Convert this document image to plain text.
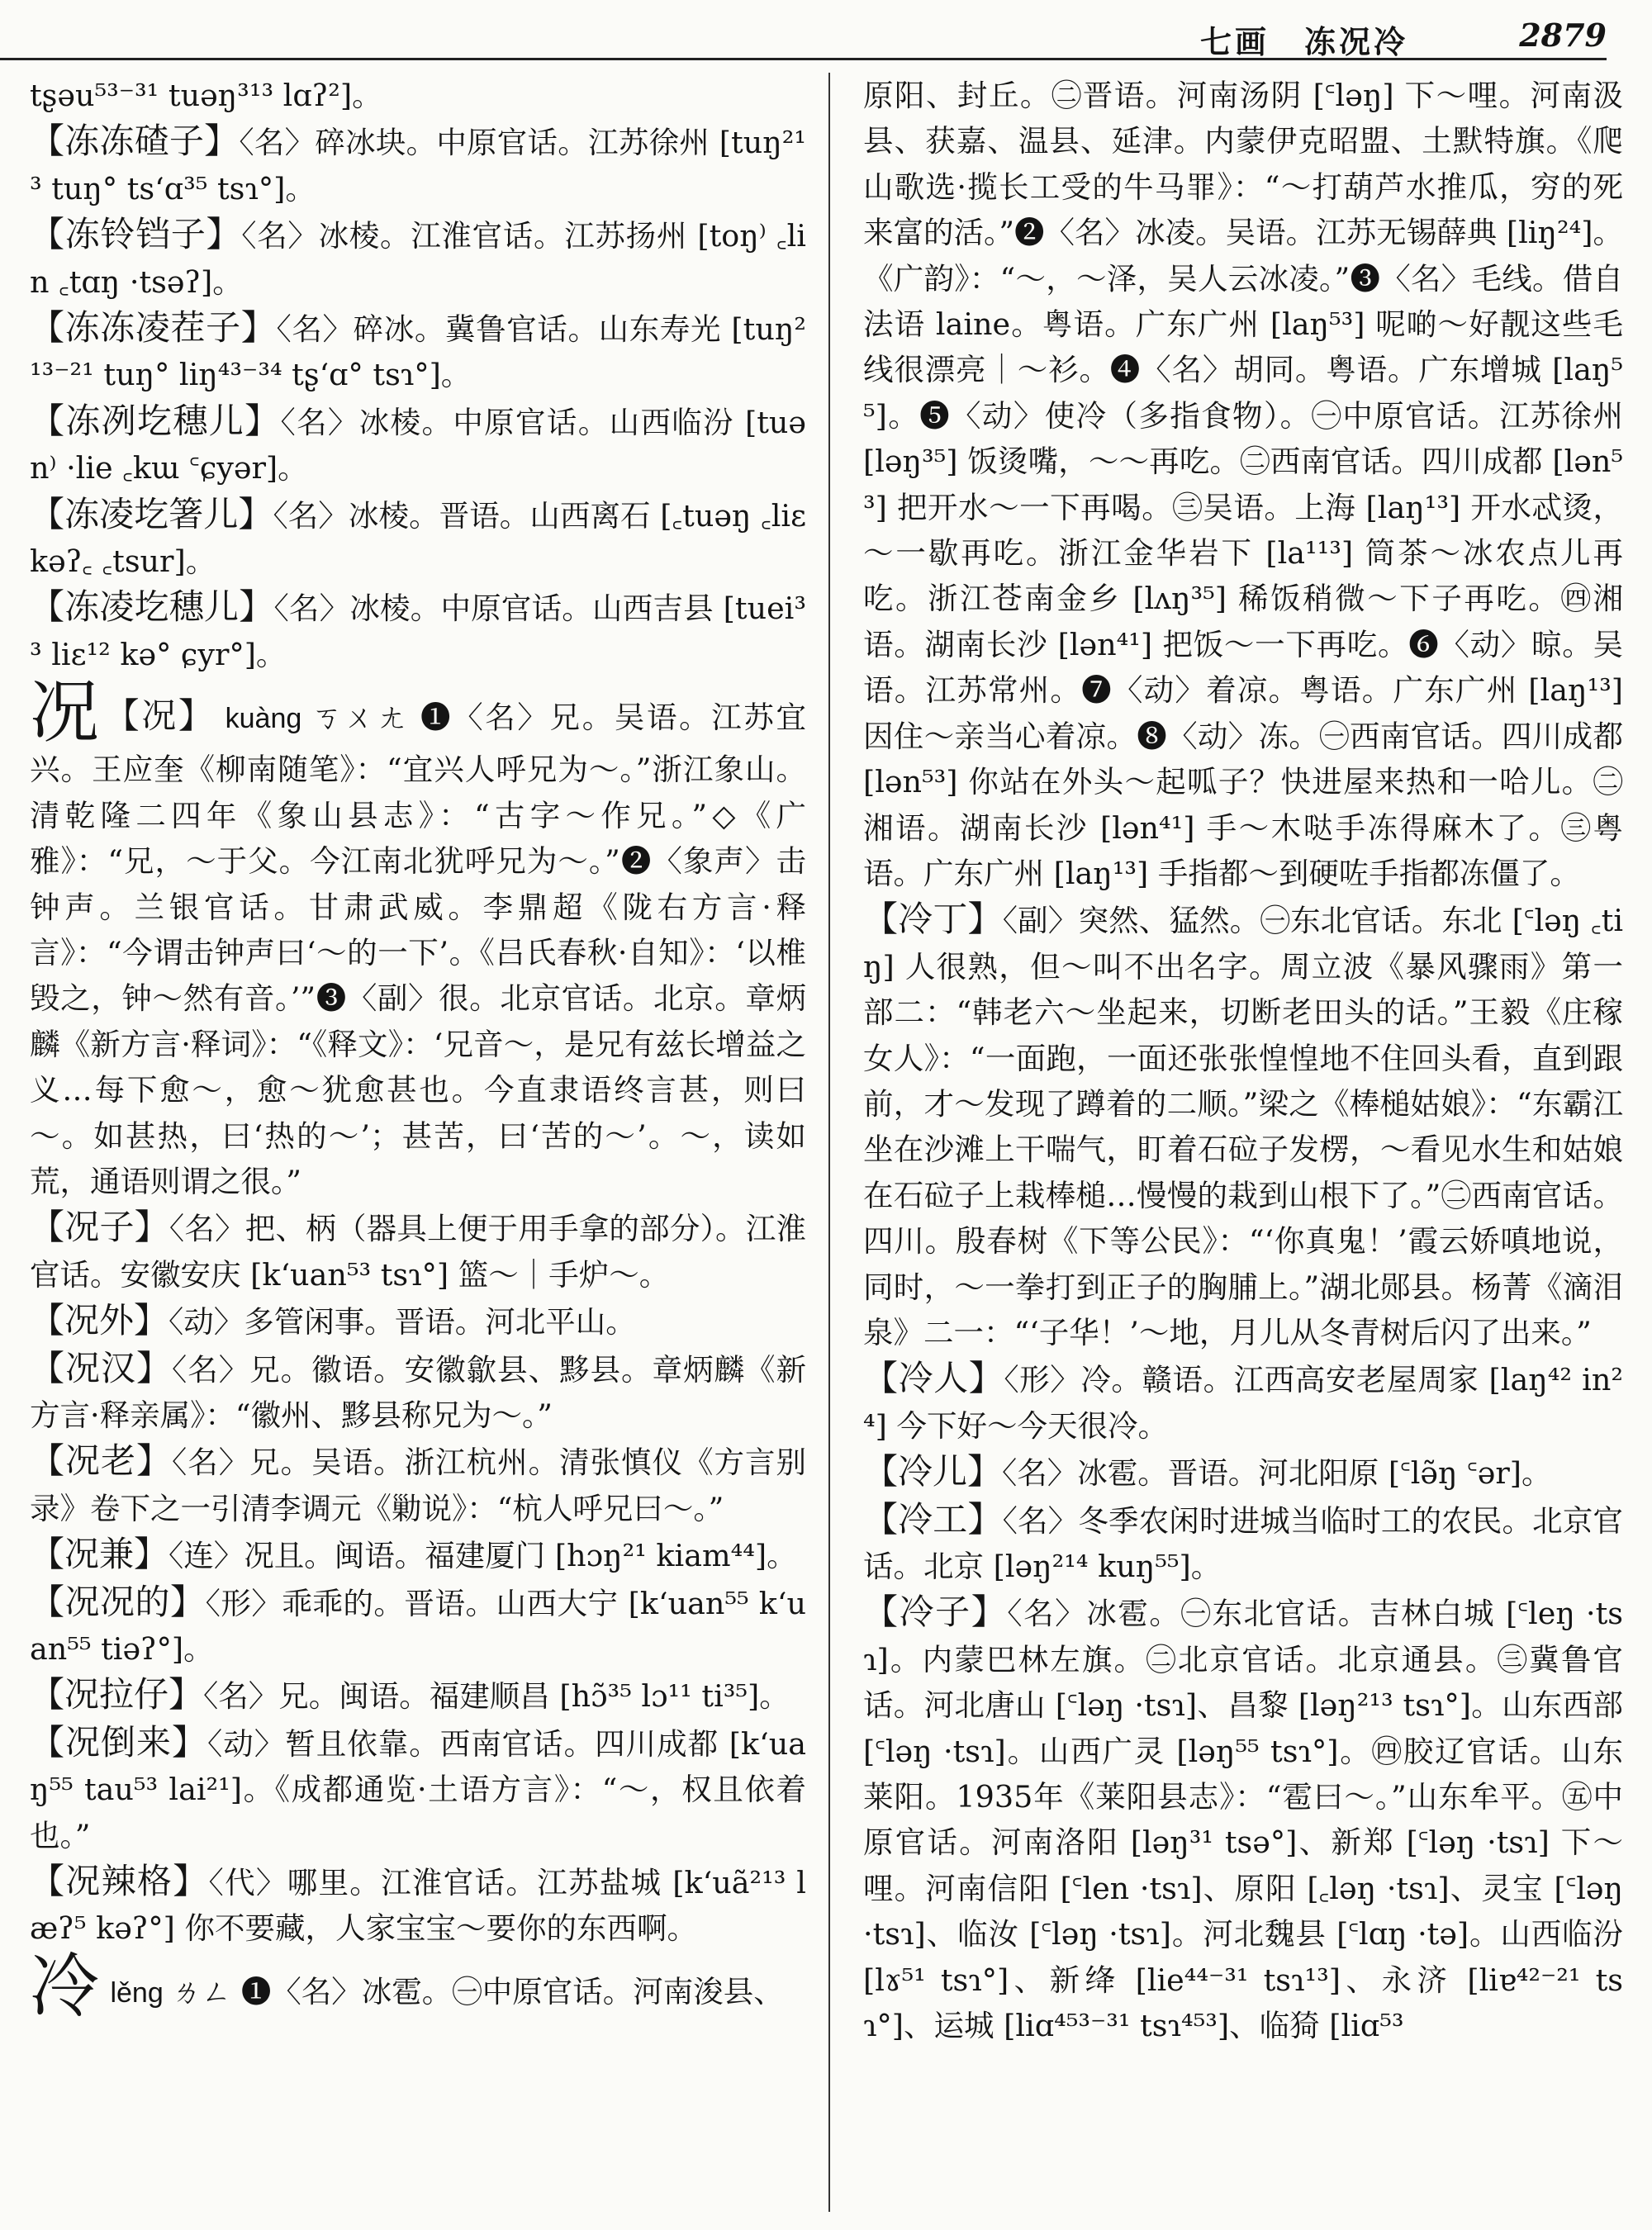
七画　冻况冷	2879

tʂəu⁵³⁻³¹ tuəŋ³¹³ lɑʔ²]。

【冻冻碴子】〈名〉碎冰块。中原官话。江苏徐州 [tuŋ²¹³ tuŋ° tsʻɑ³⁵ tsɿ°]。

【冻铃铛子】〈名〉冰棱。江淮官话。江苏扬州 [toŋ⁾ ꜀lin ꜀tɑŋ ·tsəʔ]。

【冻冻凌茬子】〈名〉碎冰。冀鲁官话。山东寿光 [tuŋ²¹³⁻²¹ tuŋ° liŋ⁴³⁻³⁴ tʂʻɑ° tsɿ°]。

【冻冽圪穗儿】〈名〉冰棱。中原官话。山西临汾 [tuən⁾ ·lie ꜀kɯ ꜂ɕyər]。

【冻凌圪箸儿】〈名〉冰棱。晋语。山西离石 [꜀tuəŋ ꜀liɛ kəʔ꜀ ꜀tsur]。

【冻凌圪穗儿】〈名〉冰棱。中原官话。山西吉县 [tuei³³ liɛ¹² kə° ɕyr°]。

况【况】 kuàng ㄎㄨㄤ ❶〈名〉兄。吴语。江苏宜兴。王应奎《柳南随笔》：“宜兴人呼兄为～。”浙江象山。清乾隆二四年《象山县志》：“古字～作兄。”◇《广雅》：“兄，～于父。今江南北犹呼兄为～。”❷〈象声〉击钟声。兰银官话。甘肃武威。李鼎超《陇右方言·释言》：“今谓击钟声曰‘～的一下’。《吕氏春秋·自知》：‘以椎毁之，钟～然有音。’”❸〈副〉很。北京官话。北京。章炳麟《新方言·释词》：“《释文》：‘兄音～，是兄有兹长增益之义…每下愈～，愈～犹愈甚也。今直隶语终言甚，则曰～。如甚热，曰‘热的～’；甚苦，曰‘苦的～’。～，读如荒，通语则谓之很。”

【况子】〈名〉把、柄（器具上便于用手拿的部分）。江淮官话。安徽安庆 [kʻuan⁵³ tsɿ°] 篮～｜手炉～。

【况外】〈动〉多管闲事。晋语。河北平山。

【况汉】〈名〉兄。徽语。安徽歙县、黟县。章炳麟《新方言·释亲属》：“徽州、黟县称兄为～。”

【况老】〈名〉兄。吴语。浙江杭州。清张慎仪《方言别录》卷下之一引清李调元《勦说》：“杭人呼兄曰～。”

【况兼】〈连〉况且。闽语。福建厦门 [hɔŋ²¹ kiam⁴⁴]。

【况况的】〈形〉乖乖的。晋语。山西大宁 [kʻuan⁵⁵ kʻuan⁵⁵ tiəʔ°]。

【况拉仔】〈名〉兄。闽语。福建顺昌 [hɔ̃³⁵ lɔ¹¹ ti³⁵]。

【况倒来】〈动〉暂且依靠。西南官话。四川成都 [kʻuaŋ⁵⁵ tau⁵³ lai²¹]。《成都通览·土语方言》：“～，权且依着也。”

【况辣格】〈代〉哪里。江淮官话。江苏盐城 [kʻuã²¹³ læʔ⁵ kəʔ°] 你不要藏，人家宝宝～要你的东西啊。

冷 lěng ㄌㄥ ❶〈名〉冰雹。㊀中原官话。河南浚县、

原阳、封丘。㊁晋语。河南汤阴 [꜂ləŋ] 下～哩。河南汲县、获嘉、温县、延津。内蒙伊克昭盟、土默特旗。《爬山歌选·揽长工受的牛马罪》：“～打葫芦水推瓜，穷的死来富的活。”❷〈名〉冰凌。吴语。江苏无锡薛典 [liŋ²⁴]。《广韵》：“～，～泽，吴人云冰凌。”❸〈名〉毛线。借自法语 laine。粤语。广东广州 [laŋ⁵³] 呢啲～好靓这些毛线很漂亮｜～衫。❹〈名〉胡同。粤语。广东增城 [laŋ⁵⁵]。❺〈动〉使冷（多指食物）。㊀中原官话。江苏徐州 [ləŋ³⁵] 饭烫嘴，～～再吃。㊁西南官话。四川成都 [lən⁵³] 把开水～一下再喝。㊂吴语。上海 [laŋ¹³] 开水忒烫，～一歇再吃。浙江金华岩下 [la¹¹³] 筒茶～冰农点儿再吃。浙江苍南金乡 [lʌŋ³⁵] 稀饭稍微～下子再吃。㊃湘语。湖南长沙 [lən⁴¹] 把饭～一下再吃。❻〈动〉晾。吴语。江苏常州。❼〈动〉着凉。粤语。广东广州 [laŋ¹³] 因住～亲当心着凉。❽〈动〉冻。㊀西南官话。四川成都 [lən⁵³] 你站在外头～起呱子？快进屋来热和一哈儿。㊁湘语。湖南长沙 [lən⁴¹] 手～木哒手冻得麻木了。㊂粤语。广东广州 [laŋ¹³] 手指都～到硬咗手指都冻僵了。

【冷丁】〈副〉突然、猛然。㊀东北官话。东北 [꜂ləŋ ꜀tiŋ] 人很熟，但～叫不出名字。周立波《暴风骤雨》第一部二：“韩老六～坐起来，切断老田头的话。”王毅《庄稼女人》：“一面跑，一面还张张惶惶地不住回头看，直到跟前，才～发现了蹲着的二顺。”梁之《棒槌姑娘》：“东霸江坐在沙滩上干喘气，盯着石砬子发楞，～看见水生和姑娘在石砬子上栽棒槌…慢慢的栽到山根下了。”㊁西南官话。四川。殷春树《下等公民》：“‘你真鬼！’霞云娇嗔地说，同时，～一拳打到正子的胸脯上。”湖北郧县。杨菁《滴泪泉》二一：“‘子华！’～地，月儿从冬青树后闪了出来。”

【冷人】〈形〉冷。赣语。江西高安老屋周家 [laŋ⁴² in²⁴] 今下好～今天很冷。

【冷儿】〈名〉冰雹。晋语。河北阳原 [꜂lə̃ŋ ꜂ər]。

【冷工】〈名〉冬季农闲时进城当临时工的农民。北京官话。北京 [ləŋ²¹⁴ kuŋ⁵⁵]。

【冷子】〈名〉冰雹。㊀东北官话。吉林白城 [꜂leŋ ·tsɿ]。内蒙巴林左旗。㊁北京官话。北京通县。㊂冀鲁官话。河北唐山 [꜂ləŋ ·tsɿ]、昌黎 [ləŋ²¹³ tsɿ°]。山东西部 [꜂ləŋ ·tsɿ]。山西广灵 [ləŋ⁵⁵ tsɿ°]。㊃胶辽官话。山东莱阳。1935年《莱阳县志》：“雹曰～。”山东牟平。㊄中原官话。河南洛阳 [ləŋ³¹ tsə°]、新郑 [꜂ləŋ ·tsɿ] 下～哩。河南信阳 [꜂len ·tsɿ]、原阳 [꜀ləŋ ·tsɿ]、灵宝 [꜂ləŋ ·tsɿ]、临汝 [꜂ləŋ ·tsɿ]。河北魏县 [꜂lɑŋ ·tə]。山西临汾 [lɤ⁵¹ tsɿ°]、新绛 [lie⁴⁴⁻³¹ tsɿ¹³]、永济 [liɐ⁴²⁻²¹ tsɿ°]、运城 [liɑ⁴⁵³⁻³¹ tsɿ⁴⁵³]、临猗 [liɑ⁵³
